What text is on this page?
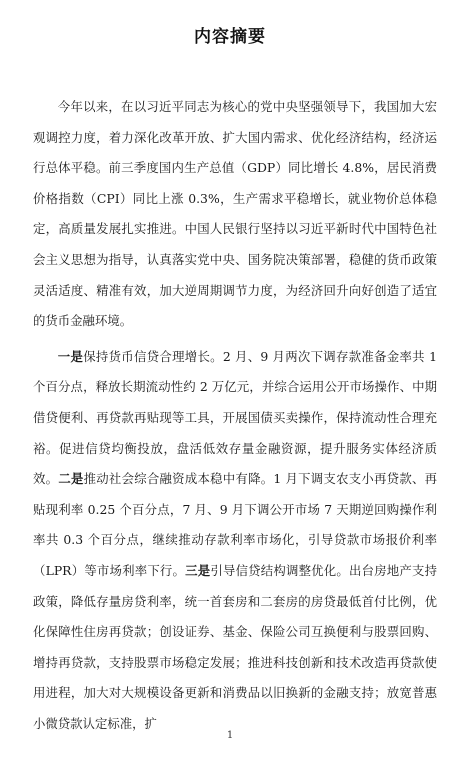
内容摘要

今年以来，在以习近平同志为核心的党中央坚强领导下，我国加大宏观调控力度，着力深化改革开放、扩大国内需求、优化经济结构，经济运行总体平稳。前三季度国内生产总值（GDP）同比增长 4.8%，居民消费价格指数（CPI）同比上涨 0.3%，生产需求平稳增长，就业物价总体稳定，高质量发展扎实推进。中国人民银行坚持以习近平新时代中国特色社会主义思想为指导，认真落实党中央、国务院决策部署，稳健的货币政策灵活适度、精准有效，加大逆周期调节力度，为经济回升向好创造了适宜的货币金融环境。

一是保持货币信贷合理增长。2 月、9 月两次下调存款准备金率共 1 个百分点，释放长期流动性约 2 万亿元，并综合运用公开市场操作、中期借贷便利、再贷款再贴现等工具，开展国债买卖操作，保持流动性合理充裕。促进信贷均衡投放，盘活低效存量金融资源，提升服务实体经济质效。二是推动社会综合融资成本稳中有降。1 月下调支农支小再贷款、再贴现利率 0.25 个百分点，7 月、9 月下调公开市场 7 天期逆回购操作利率共 0.3 个百分点，继续推动存款利率市场化，引导贷款市场报价利率（LPR）等市场利率下行。三是引导信贷结构调整优化。出台房地产支持政策，降低存量房贷利率，统一首套房和二套房的房贷最低首付比例，优化保障性住房再贷款；创设证券、基金、保险公司互换便利与股票回购、增持再贷款，支持股票市场稳定发展；推进科技创新和技术改造再贷款使用进程，加大对大规模设备更新和消费品以旧换新的金融支持；放宽普惠小微贷款认定标准，扩

1
